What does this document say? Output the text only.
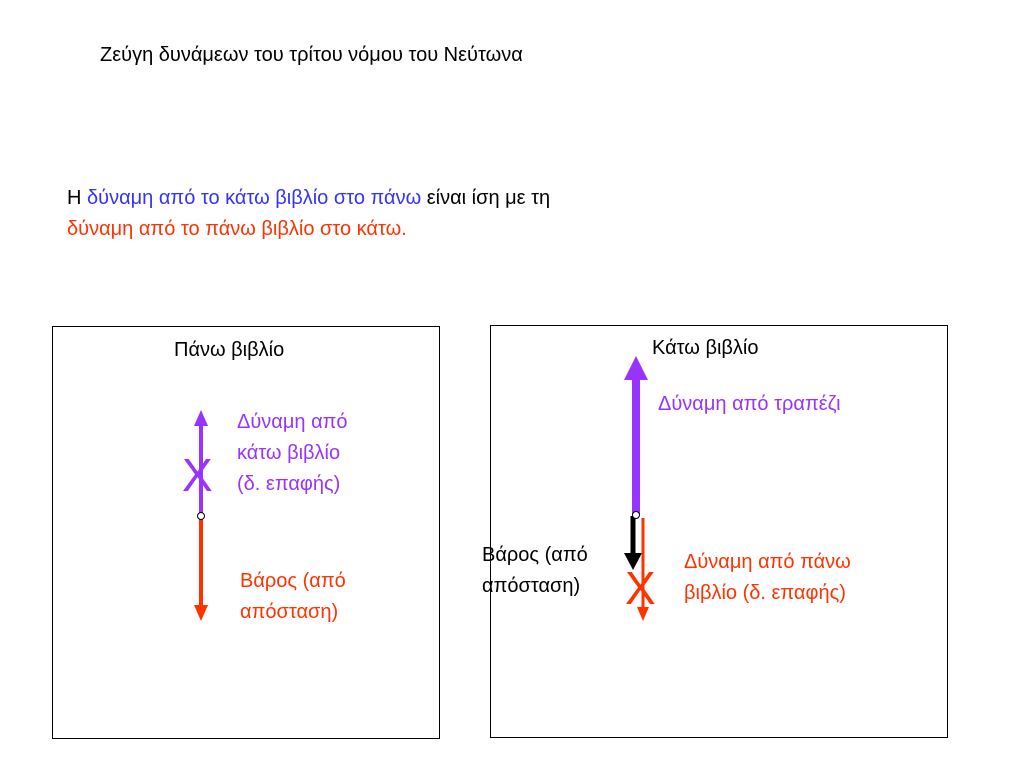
Ζεύγη δυνάμεων του τρίτου νόμου του Νεύτωνα
Η δύναμη από το κάτω βιβλίο στο πάνω είναι ίση με τη
δύναμη από το πάνω βιβλίο στο κάτω.
Πάνω βιβλίο
Δύναμη από
κάτω βιβλίο
(δ. επαφής)
Βάρος (από
απόσταση)
X
Κάτω βιβλίο
Δύναμη από τραπέζι
Βάρος (από
απόσταση)
Δύναμη από πάνω
βιβλίο (δ. επαφής)
X
